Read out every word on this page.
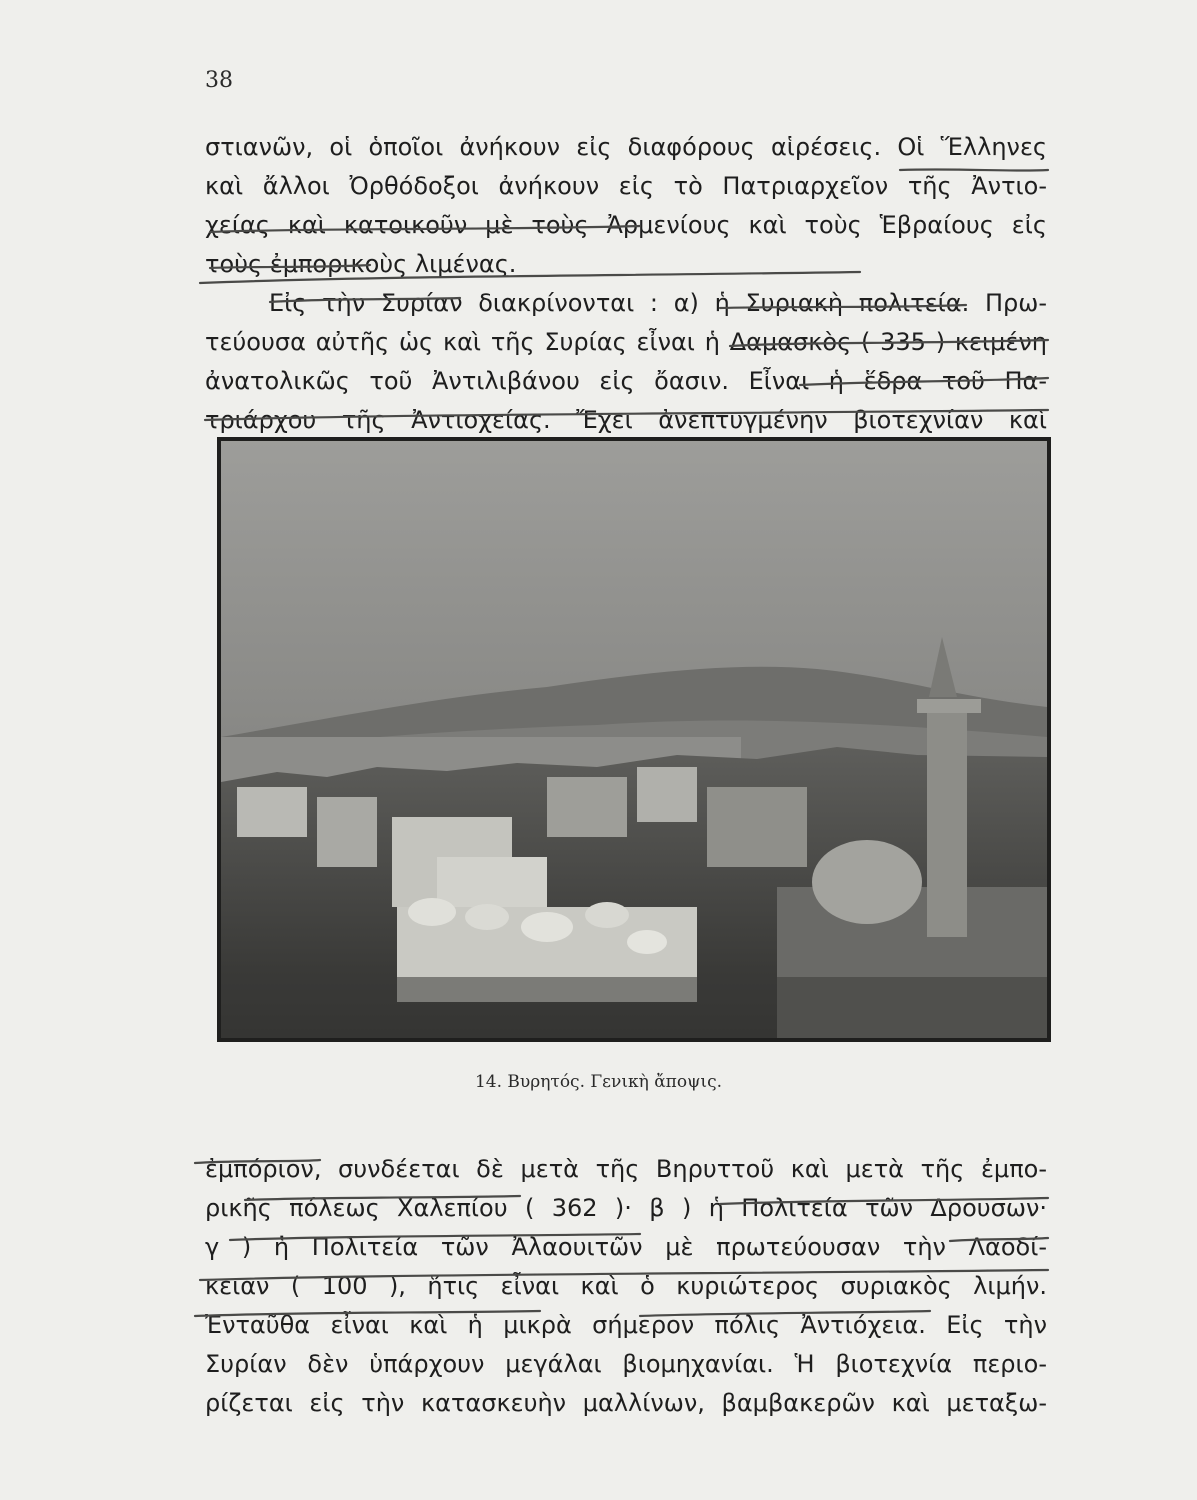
38
στιανῶν, οἱ ὁποῖοι ἀνήκουν εἰς διαφόρους αἱρέσεις. Οἱ Ἕλληνες
καὶ ἄλλοι Ὀρθόδοξοι ἀνήκουν εἰς τὸ Πατριαρχεῖον τῆς Ἀντιο-
χείας καὶ κατοικοῦν μὲ τοὺς Ἀρμενίους καὶ τοὺς Ἑβραίους εἰς
τοὺς ἐμπορικοὺς λιμένας.
Εἰς τὴν Συρίαν διακρίνονται : α) ἡ Συριακὴ πολιτεία. Πρω-
τεύουσα αὐτῆς ὡς καὶ τῆς Συρίας εἶναι ἡ Δαμασκὸς ( 335 ) κειμένη
ἀνατολικῶς τοῦ Ἀντιλιβάνου εἰς ὄασιν. Εἶναι ἡ ἕδρα τοῦ Πα-
τριάρχου τῆς Ἀντιοχείας. Ἔχει ἀνεπτυγμένην βιοτεχνίαν καὶ
14. Βυρητός. Γενικὴ ἄποψις.
ἐμπόριον, συνδέεται δὲ μετὰ τῆς Βηρυττοῦ καὶ μετὰ τῆς ἐμπο-
ρικῆς πόλεως Χαλεπίου ( 362 )· β ) ἡ Πολιτεία τῶν Δρουσων·
γ ) ἡ Πολιτεία τῶν Ἀλαουιτῶν μὲ πρωτεύουσαν τὴν Λαοδί-
κειαν ( 100 ), ἥτις εἶναι καὶ ὁ κυριώτερος συριακὸς λιμήν.
Ἐνταῦθα εἶναι καὶ ἡ μικρὰ σήμερον πόλις Ἀντιόχεια. Εἰς τὴν
Συρίαν δὲν ὑπάρχουν μεγάλαι βιομηχανίαι. Ἡ βιοτεχνία περιο-
ρίζεται εἰς τὴν κατασκευὴν μαλλίνων, βαμβακερῶν καὶ μεταξω-
